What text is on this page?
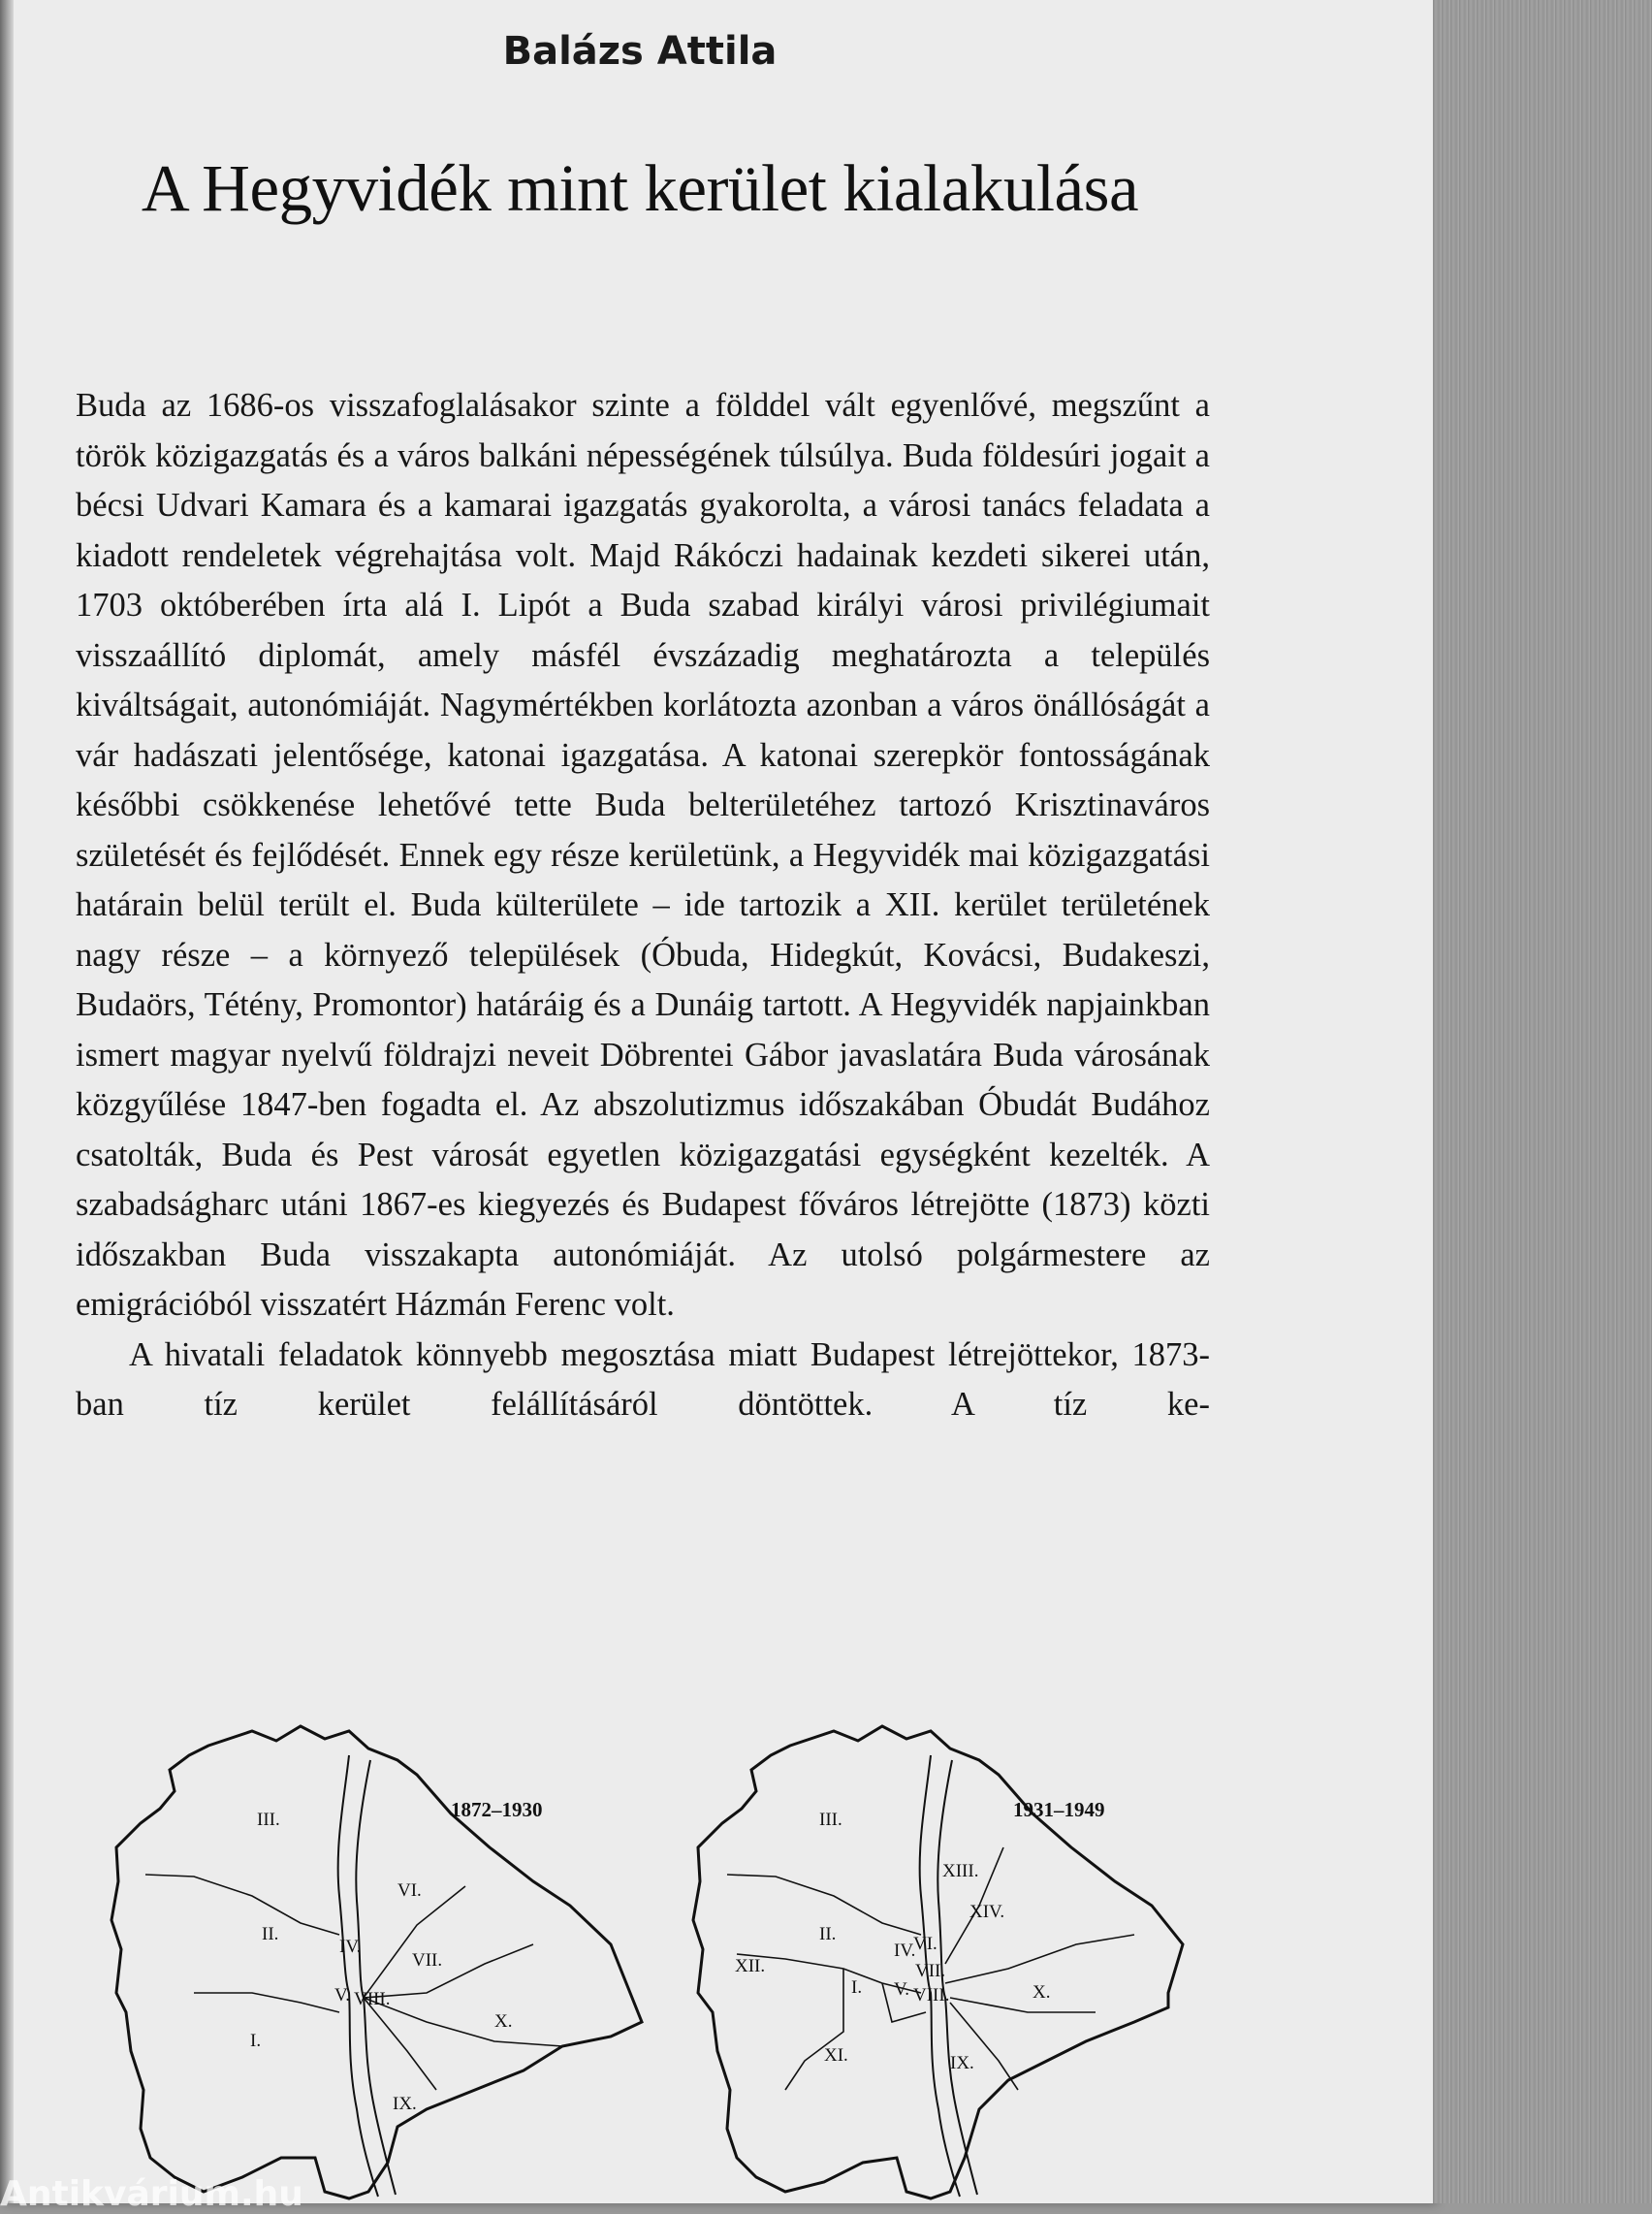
Balázs Attila
A Hegyvidék mint kerület kialakulása

Buda az 1686-os visszafoglalásakor szinte a földdel vált egyenlővé, megszűnt a török közigazgatás és a város balkáni népességének túlsúlya. Buda földesúri jogait a bécsi Udvari Kamara és a kamarai igazgatás gyakorolta, a városi tanács feladata a kiadott rendeletek végrehajtása volt. Majd Rákóczi hadainak kezdeti sikerei után, 1703 októberében írta alá I. Lipót a Buda szabad királyi városi privilégiumait visszaállító diplomát, amely másfél évszázadig meghatározta a település kiváltságait, autonómiáját. Nagymértékben korlátozta azonban a város önállóságát a vár hadászati jelentősége, katonai igazgatása. A katonai szerepkör fontosságának későbbi csökkenése lehetővé tette Buda belterületéhez tartozó Krisztinaváros születését és fejlődését. Ennek egy része kerületünk, a Hegyvidék mai közigazgatási határain belül terült el. Buda külterülete – ide tartozik a XII. kerület területének nagy része – a környező települések (Óbuda, Hidegkút, Kovácsi, Budakeszi, Budaörs, Tétény, Promontor) határáig és a Dunáig tartott. A Hegyvidék napjainkban ismert magyar nyelvű földrajzi neveit Döbrentei Gábor javaslatára Buda városának közgyűlése 1847-ben fogadta el. Az abszolutizmus időszakában Óbudát Budához csatolták, Buda és Pest városát egyetlen közigazgatási egységként kezelték. A szabadságharc utáni 1867-es kiegyezés és Budapest főváros létrejötte (1873) közti időszakban Buda visszakapta autonómiáját. Az utolsó polgármestere az emigrációból visszatért Házmán Ferenc volt.

A hivatali feladatok könnyebb megosztása miatt Budapest létrejöttekor, 1873-ban tíz kerület felállításáról döntöttek. A tíz ke-

1872–1930
III.
II.
VI.
IV.
VII.
V. VIII.
X.
I.
IX.
1931–1949
III.
XIII.
XIV.
II.	VI.
IV.
VII.
XII.
I. V. VIII.	X.
XI.	IX.
Antikvárium.hu
